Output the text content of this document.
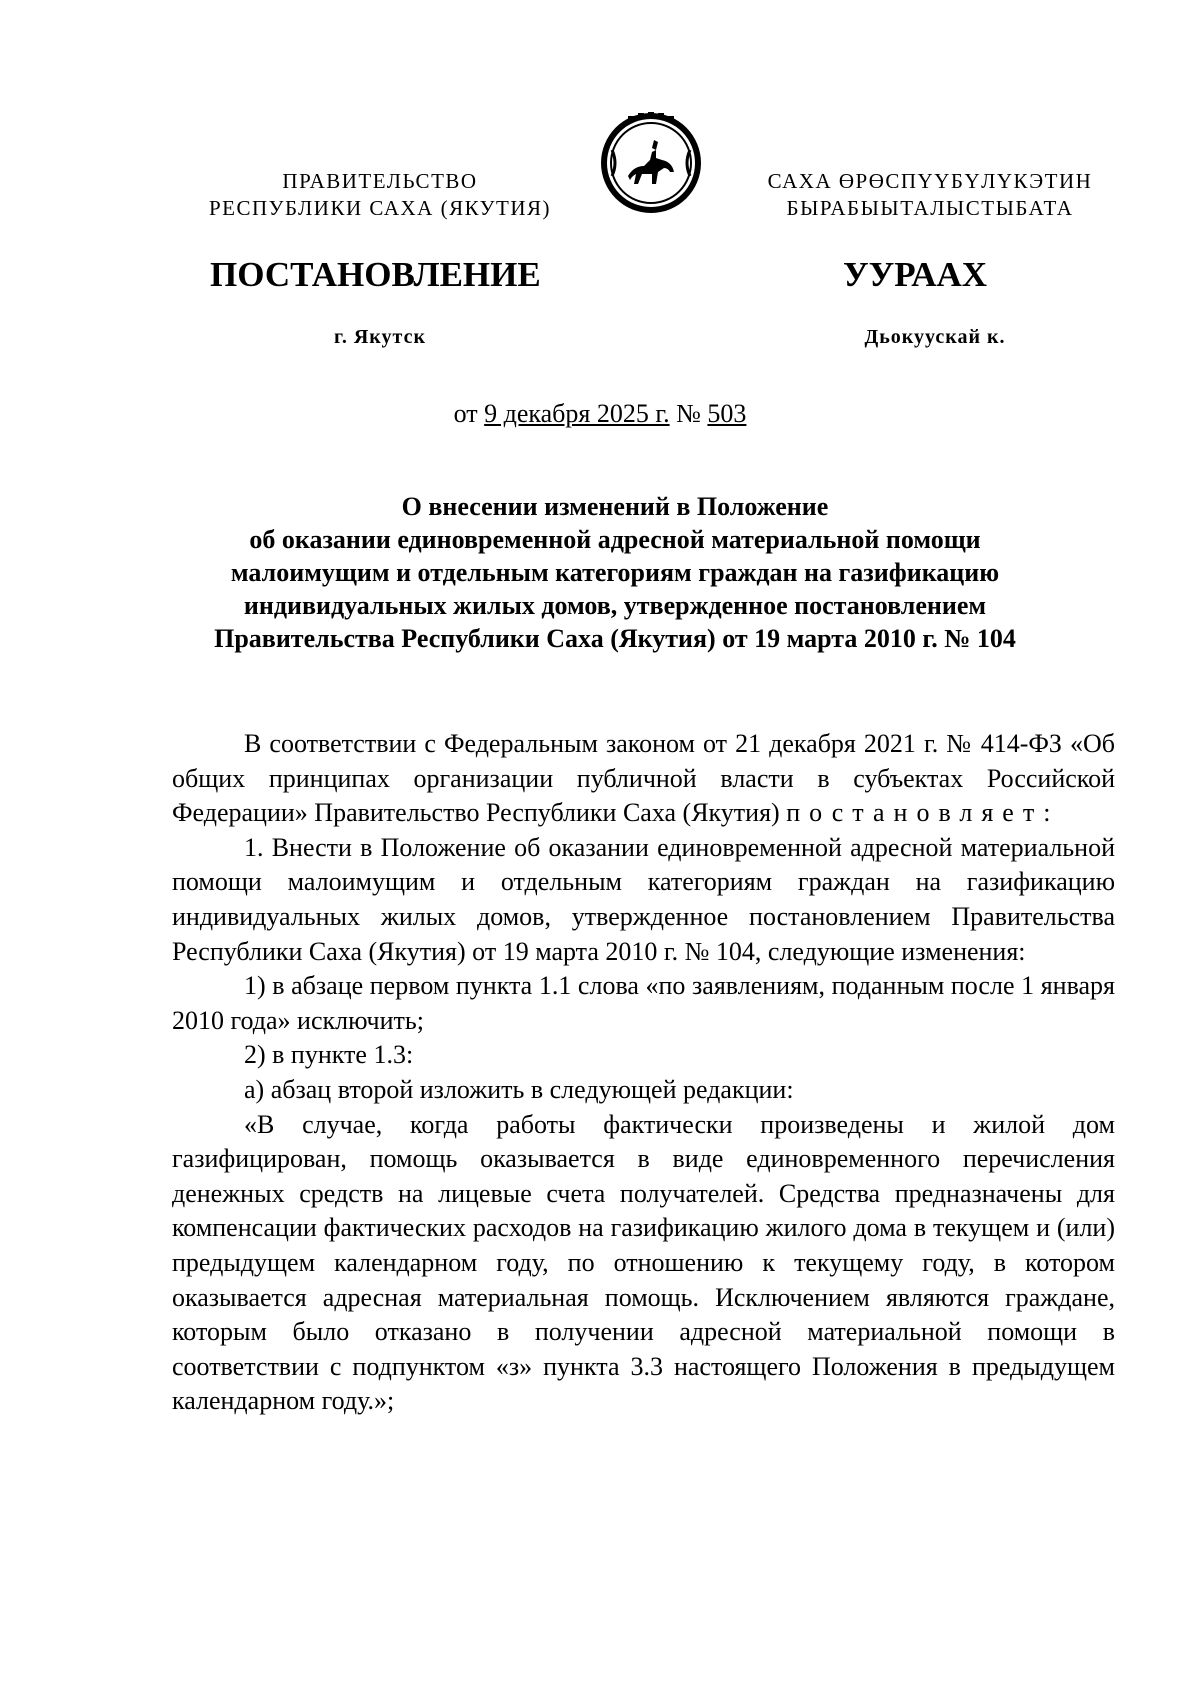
ПРАВИТЕЛЬСТВО
РЕСПУБЛИКИ САХА (ЯКУТИЯ)
САХА ӨРӨСПҮҮБҮЛҮКЭТИН
БЫРАБЫЫТАЛЫСТЫБАТА
ПОСТАНОВЛЕНИЕ	УУРААХ
г. Якутск	Дьокуускай к.
от 9 декабря 2025 г. № 503
О внесении изменений в Положение
об оказании единовременной адресной материальной помощи
малоимущим и отдельным категориям граждан на газификацию
индивидуальных жилых домов, утвержденное постановлением
Правительства Республики Саха (Якутия) от 19 марта 2010 г. № 104

В соответствии с Федеральным законом от 21 декабря 2021 г. № 414-ФЗ «Об общих принципах организации публичной власти в субъектах Российской Федерации» Правительство Республики Саха (Якутия) постановляет:

1. Внести в Положение об оказании единовременной адресной материальной помощи малоимущим и отдельным категориям граждан на газификацию индивидуальных жилых домов, утвержденное постановлением Правительства Республики Саха (Якутия) от 19 марта 2010 г. № 104, следующие изменения:

1) в абзаце первом пункта 1.1 слова «по заявлениям, поданным после 1 января 2010 года» исключить;

2) в пункте 1.3:

а) абзац второй изложить в следующей редакции:

«В случае, когда работы фактически произведены и жилой дом газифицирован, помощь оказывается в виде единовременного перечисления денежных средств на лицевые счета получателей. Средства предназначены для компенсации фактических расходов на газификацию жилого дома в текущем и (или) предыдущем календарном году, по отношению к текущему году, в котором оказывается адресная материальная помощь. Исключением являются граждане, которым было отказано в получении адресной материальной помощи в соответствии с подпунктом «з» пункта 3.3 настоящего Положения в предыдущем календарном году.»;
